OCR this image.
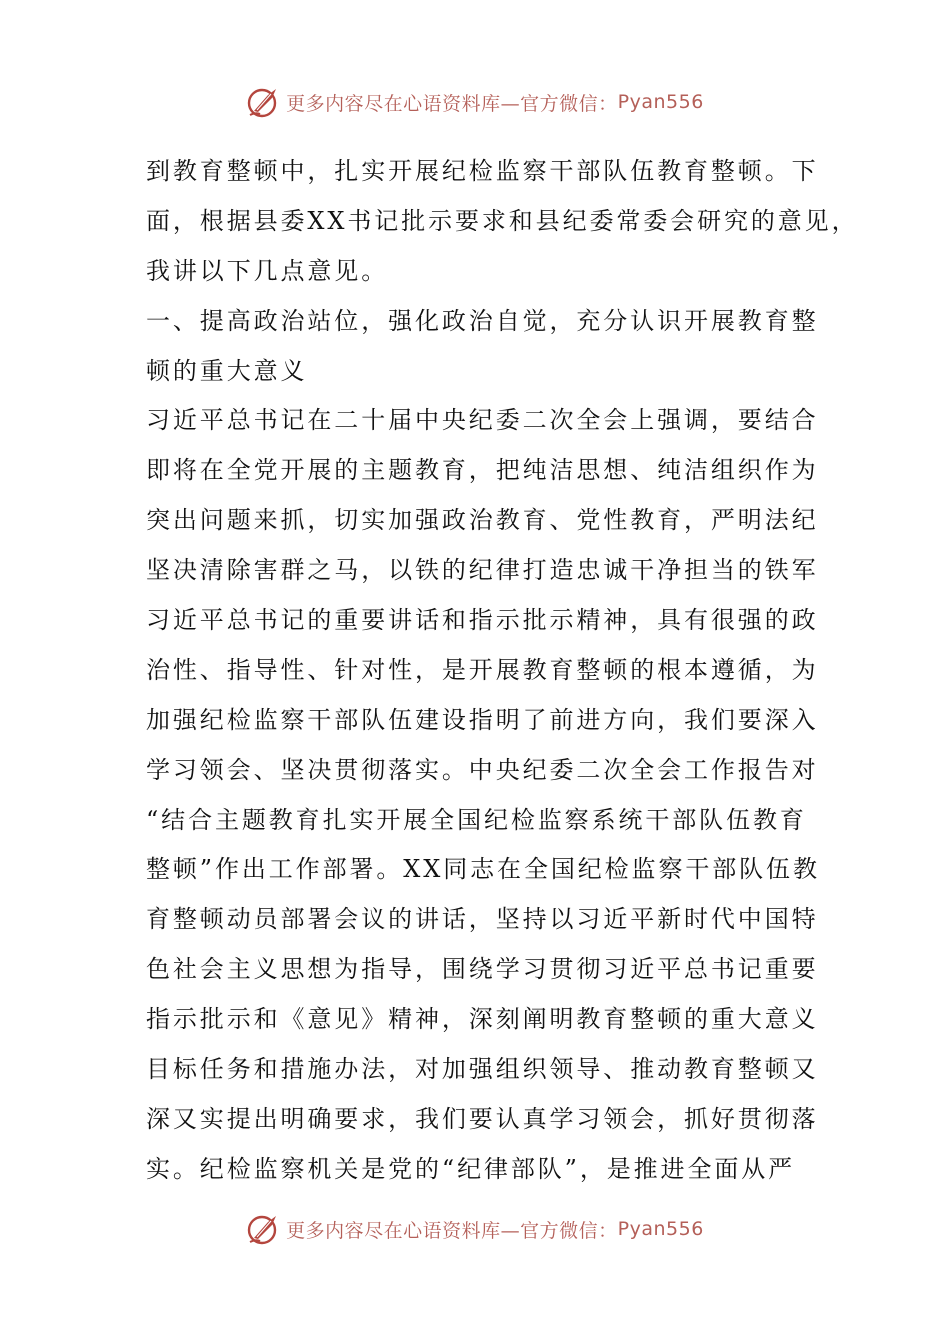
更多内容尽在心语资料库—官方微信： Pyan556
到教育整顿中，扎实开展纪检监察干部队伍教育整顿。下
面，根据县委XX书记批示要求和县纪委常委会研究的意见，
我讲以下几点意见。
一、提高政治站位，强化政治自觉，充分认识开展教育整
顿的重大意义
习近平总书记在二十届中央纪委二次全会上强调，要结合
即将在全党开展的主题教育，把纯洁思想、纯洁组织作为
突出问题来抓，切实加强政治教育、党性教育，严明法纪
坚决清除害群之马，以铁的纪律打造忠诚干净担当的铁军
习近平总书记的重要讲话和指示批示精神，具有很强的政
治性、指导性、针对性，是开展教育整顿的根本遵循，为
加强纪检监察干部队伍建设指明了前进方向，我们要深入
学习领会、坚决贯彻落实。中央纪委二次全会工作报告对
“结合主题教育扎实开展全国纪检监察系统干部队伍教育
整顿”作出工作部署。XX同志在全国纪检监察干部队伍教
育整顿动员部署会议的讲话，坚持以习近平新时代中国特
色社会主义思想为指导，围绕学习贯彻习近平总书记重要
指示批示和《意见》精神，深刻阐明教育整顿的重大意义
目标任务和措施办法，对加强组织领导、推动教育整顿又
深又实提出明确要求，我们要认真学习领会，抓好贯彻落
实。纪检监察机关是党的“纪律部队”，是推进全面从严
更多内容尽在心语资料库—官方微信： Pyan556
